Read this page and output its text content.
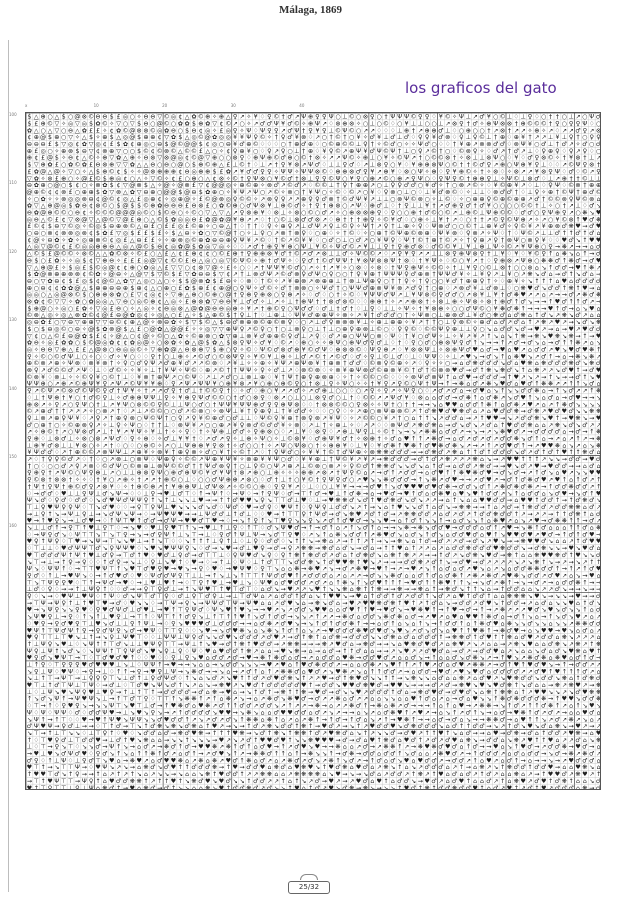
Málaga, 1869
los graficos del gato
x	10	20	30	40
100
110
120
130
140
150
160
$ △ ⊕ ○ △ $ ○ @ ⊗ © ⊖ ⊖ $ £ ◎ ○ ✧ ⊖ ⊖ ▽ © ◎ ¢ △ ✿ © ⊕ ✧ ⊕ △ ♀ ↗ ✧ ¥ ♢ ♀ © † ♂ ↗ Ψ ⊕ ♀ ♀ Ψ ○ ⊥ © ○ ⊗ ♀ ○ † Ψ Ψ Ψ © ♀ ♀ ♢ ¥ © ✧ Ψ ⊥ ↗ ♂ ¥ ○ © ⊥ ♢ ⊥ ♀ ♢ ○ † † ○ ⊥ ↗ ○ Ψ ♂
$ £ ⊕ © ▽ ✧ ◎ ▽ ◎ $ ✿ © ✧ ▽ ○ ▽ $ ⊖ ○ @ © ○ ✿ ✿ $ ⊕ ✿ ▽ ¢ © ↗ ○ ✧ ↗ ♂ ♂ Ψ ¥ ♂ © ✧ ⊕ Ψ ↗ ♢ ⊗ ⊕ ⊗ ✧ ○ ⊥ ○ © ♢ ○ ¥ ⊥ ⊥ ○ ○ ⊥ ↗ ⊗ ♀ † ♂ ✧ ⊕ Ψ ⊗ ⊗ † ⊕ © © © † ♀ ○ ♀ ♀ Ψ ♢ ○
✿ △ ○ △ ▽ ○ ⊖ △ ✿ £ £ ✧ ¢ ✿ © @ ⊗ ⊗ © ◎ ✿ ⊖ ○ $ ⊖ ¢ ◎ ✧ £ ◎ ♀ ✧ Ψ ♢ Ψ ♀ ♀ ↗ ♂ Ψ † ♀ ¥ ♀ ⊥ © Ψ © ○ ↗ ↗ ♢ ♢ ♢ ⊥ ⊕ † ↗ ⊕ ⊕ ♂ ⊥ ♢ ○ ⊕ ○ ○ † ↗ ⊗ † ↗ ↗ ✧ ⊕ ✧ ↗ ♢ ↗ ↗ ♂ ♀ ↗ ⊗
¢ ⊕ @ $ ⊕ ○ ▽ ✧ △ $ ✧ ⊕ $ △ ◎ @ $ ⊕ ⊕ ¢ ▽ ✿ $ △ ◎ © @ ✿ ◎ ◎ ¥ ¥ Ψ ♀ © ✧ † ♀ ♂ ¥ ⊗ ♢ ↗ ○ † © † ○ ¥ ✧ ♂ ¥ ⊥ ♂ ⊥ ♂ ♢ ♀ ♀ ¥ ♂ ⊗ ♢ ♀ ⊥ ♀ © ⊥ † ⊕ ♢ ⊕ ¥ † ↗ ↗ ⊥ ¥ ⊥ ♀ † ○ ♀ ♀
⊖ ⊖ ⊖ £ $ ▽ ◎ ¢ ✿ ▽ ◎ ¢ £ $ ✿ ¢ ⊕ ◎ ○ ⊖ $ @ © @ @ $ ¢ ◎ ○ ⊖ ¥ ♂ ⊕ © ♢ ♢ ♢ ○ † ⊕ ♂ ⊕ ♢ ○ © ⊕ © © ⊥ ♀ † ✧ © ♂ ○ ✧ ✧ Ψ ♂ ○ ♢ ♢ † ¥ ⊕ ↗ ⊗ ⊗ ♂ ♂ ♢ ⊗ Ψ ¥ ○ ♂ ⊥ † ♂ ↗ ✧ ♂ ○ ♂
⊕ £ ◎ ○ ✧ ⊕ ⊗ $ ⊖ ▽ ¢ ⊗ ⊕ ▽ ○ ○ $ © ¢ © ⊗ © △ © © £ △ ○ ✧ ¢ ♀ ⊕ ¥ ○ ♢ ♀ ↗ ♀ ○ ⊥ † ⊕ ♢ ¥ ♀ © ↗ ⊕ Ψ ¥ ♂ Ψ © Ψ † ⊥ ○ ♀ ↗ © † ○ ♢ © ⊗ ♀ ✧ ♢ ♂ ↗ † ♂ ↗ ⊥ ♢ ♀ ⊕ ♀ ♢ ♀ ↗ ♀ ♢ ○
⊕ ¢ £ @ $ ✧ ⊖ ¢ △ © ✧ ⊕ ▽ ✿ △ ⊕ ✧ ⊖ ⊗ ▽ ⊗ @ ◎ ¢ © @ ▽ ⊕ ○ ○ ⊗ ♀ ♢ ⊕ Ψ ⊕ © ♂ ⊕ ○ © † ⊗ ✧ ↗ ↗ Ψ © ✧ ⊕ ⊥ ○ ¥ ✧ © Ψ ↗ † ○ © © ⊗ † ✧ ⊗ ⊥ ⊥ ⊗ Ψ ○ ♢ ¥ ♢ ♂ ♀ ⊗ © ✧ † ¥ ⊗ † ⊥ ↗
$ ▽ ⊕ ✿ £ ○ ✿ © ✿ £ ⊖ ⊗ ⊕ ▽ ▽ ✿ △ △ ⊖ ○ ⊖ ○ @ ○ $ ⊕ © ⊕ △ £ ⊥ © † ♢ ⊥ ↗ † ♀ ¥ ⊗ ↗ Ψ ♂ ♢ ⊥ ⊥ ♀ ♂ ♢ ↗ ⊥ ⊗ ♀ ○ ¥ ♢ ¥ ⊕ ⊕ ⊗ Ψ ○ © † † © ♂ ♀ ↗ ⊕ ○ Ψ ⊕ ¥ ♀ ⊥ ♢ ♢ ↗ © Ψ ♀ ⊗ †
£ ✿ @ △ @ ✧ ▽ ○ ✧ △ $ ⊕ © ¢ $ ✧ ✧ @ ⊗ ⊕ ⊕ ⊕ ¢ ⊖ ◎ ⊕ ⊕ $ £ ✿ ↗ ¥ ♂ ♂ ♀ ♀ ✧ Ψ Ψ ✧ Ψ Ψ ⊗ © ♢ ⊕ ⊕ ⊗ ♂ ♀ ¥ ↗ ⊕ ¥ ♢ ⊗ ○ Ψ ✧ ⊕ ♢ ♀ ¥ ⊕ © ✧ † ✧ ⊗ ♢ ✧ ⊗ ↗ ↗ ¥ ⊗ ♀ Ψ ♢ ♂ ♢ © ↗ ♀
▽ ✿ ✧ ⊗ £ ⊕ ○ ✧ @ £ © $ ⊕ ◎ ¢ ○ △ ✧ ▽ © ✧ ¢ £ ○ ⊕ ○ △ ¢ ⊗ ✧ © † ♀ Ψ ⊗ ○ ¥ © ♂ † ⊗ ⊥ ♀ ♀ © Ψ ○ ¥ ♀ ○ ⊕ ↗ © ○ ⊕ ↗ ♀ Ψ ○ ♢ ♀ Ψ ♀ © † ⊕ ⊕ ♀ ⊥ ✧ Ψ © ⊥ ⊗ ♂ ♢ ⊥ ↗ ⊕ † † © ⊥ ⊥
⊖ ✿ ⊕ ○ @ ○ $ ¢ ○ ✧ ⊗ ✿ $ ¢ ▽ @ ⊗ $ △ ✧ @ ✧ @ ⊗ £ ▽ ¢ @ @ ◎ ✧ ⊕ © ⊕ ✧ ⊗ ♂ ↗ © ♂ ↗ ♢ © © ⊥ † ♀ † ⊕ ⊕ ↗ ○ ⊥ ♀ ♀ ♂ ♂ ○ ¥ ♂ ✧ † ○ ⊗ ↗ © ✧ ♢ ¥ © ⊕ ¥ ↗ ♢ ⊥ ♢ ♀ Ψ ♢ © ⊗ † ⊕ ⊕
@ ⊕ © ¢ ¢ ⊗ £ ○ ⊕ ⊕ $ ✿ ▽ ⊗ △ ✿ ▽ ⊖ ⊕ ○ @ @ $ @ ⊖ $ ✿ ⊕ ○ ✧ ¥ Ψ ↗ Ψ ○ ↗ © ✧ ⊗ ○ † ¥ Ψ ○ ✧ © ♢ © ↗ ○ ¥ ♢ ♀ ⊗ ○ ⊥ ○ ♢ ⊥ ¥ ♂ ⊗ © ♢ ✧ ⊥ ⊥ ♢ ⊗ ♂ ♂ † ♢ ⊥ ♀ ✧ ⊕ † © Ψ † ⊕ ♂
✧ ○ ✿ ✧ ✧ ⊗ ◎ ◎ ⊗ ⊖ ¢ @ © ¢ ◎ △ £ ◎ ⊕ ¢ ✧ ◎ ⊕ @ ✧ £ © @ ⊗ ◎ ♀ © © ✧ ↗ ⊗ ♀ ♀ ↗ ↗ ⊕ ♀ ♀ ♂ ⊗ † © ♂ Ψ ¥ ↗ ⊥ ⊥ ○ ⊗ Ψ © ⊗ ○ ✧ ⊥ © ♢ ✧ ○ ⊕ ⊕ ♀ © ⊕ © ⊕ ⊕ ↗ ♂ † © © ⊗ ♀ Ψ © ⊗ ⌂
✿ ▽ △ ⊕ @ ◎ $ ✿ ⊖ ¢ ⊗ © ○ $ @ $ $ © ⊕ ✿ ⊖ ⊖ ⊖ £ ⊖ ⊗ £ ○ ✿ © ⊕ ○ ♂ Ψ ⊗ ¥ ⊥ ⊕ © ♂ ✧ † ♀ † ⊕ ⊗ ○ ↗ Ψ ♢ ⊕ ♂ ⊥ ♢ † ♀ ⊥ ⊥ ¥ † ↗ ♂ ⊕ ♀ ♂ † ♂ ¥ ○ ○ ○ ○ © © † ⊥ ✧ ○ † ↗ ⊥ ♢ ♂ ↘
⊖ ✿ @ ⊕ © © ○ ⊖ ¢ ✧ © © © @ @ @ ◎ © ○ $ © ⊖ ○ ✧ © ○ ▽ △ ▽ △ ↗ ♀ ⊗ ⊕ ¥ ♢ ⊗ ⊥ ✧ ⊗ ○ © ○ ♂ ↗ ✧ ○ ⊕ ⊗ ⊗ ⊕ ♀ ♢ ♀ ○ ○ ⊕ † ♂ © ○ © ↗ ⊥ ⊕ © ⊥ Ψ ⊕ © © ♢ ♂ ♂ ○ ♀ Ψ ⊕ ♀ ↗ ○ ❋ ↘ ♥
◎ ⊖ △ © £ ¢ ▽ ⊗ @ ▽ △ @ © ▽ @ £ ⊕ ○ △ © $ ✿ ◎ ◎ ⊖ £ ✿ @ ✿ @ ¥ ⊕ ↗ ↗ ♢ † ○ © ⊥ ⊗ ♂ ♂ ⊗ ↗ ♢ ⊕ † † † ⊕ ♀ ✧ © ¥ ♂ ♢ ○ ⊕ ✧ ⊥ ¥ † ↗ ♢ ○ † † ↗ © ♀ © Ψ ⊕ ↗ ✧ ↗ ○ ¥ © ⊗ ↑ ♥ ♂ ❋
£ © ¢ $ ⊖ ▽ © ◎ ✧ © ◎ $ ⊖ ⊕ ⊗ © △ ⊖ £ ○ £ £ ◎ £ © ⊕ ✧ ○ ⊖ △ † ♢ † † ♢ ♀ ✧ ⊕ ♀ ↗ ⊥ ♂ Ψ ↗ ♀ ⊥ © ♀ ✧ Ψ † ↗ ♀ † ⊥ ⊕ ✧ ♀ ♢ Ψ ⊗ ♂ ○ ○ © † ⊥ ⊕ ¥ ♂ ✧ ♀ © ¥ ↗ ¥ ⊕ ⊗ ♂ ❋ ♥ → ♂ ♥
○ ⊖ ○ ⊗ ¢ ⊗ ⊗ ◎ ⊗ ¢ $ ✿ £ ▽ ◎ $ £ £ $ £ ✧ $ △ ⊖ ✧ ✿ ○ ▽ © @ † ○ ✧ ⊥ ♀ ○ ↗ ⊗ † ⊗ ♀ ♢ ○ ⊕ ♢ ✧ † © ♢ ✧ ○ ⊕ † © Ψ ⊕ © ⊗ ⊕ ♢ Ψ ¥ ⊗ ♢ ♀ ⊗ ↗ ✧ Ψ ♢ † ♢ Ψ © ↗ ⊥ ⊥ ♂ ↑ ↑ ♂ ↑ ♂ ⌂
¢ @ ✧ ⊖ ✿ ✧ ✿ ✧ ◎ ⊕ ⊗ © ¢ ◎ £ △ ⊖ £ £ ✧ ✧ ⊕ ⊗ ◎ © ⊕ ✿ ⊖ ⊖ ⊕ ♀ Ψ ¥ ↗ © ♢ † © ↗ © ¥ ¥ ♢ ○ ♂ ○ ⊥ ○ ♂ ↗ ○ ¥ Ψ ♀ ♢ Ψ † © † ⊕ † © ↗ ✧ † ♀ ⊕ ↗ ♀ † ⊗ Ψ ○ ⊗ ♀ ¥ ♢ ♢ ♥ ♂ ↘ ↑ ♥ ♥
△ ◎ ▽ @ © ¢ £ © ◎ ◎ ⊕ ⊕ ⊖ △ ◎ △ @ © $ ⊖ ¢ ◎ ✿ @ $ ✿ ◎ ▽ ◎ ✧ ♢ ♢ ↗ ♂ † ⊕ ♀ ¥ ⊕ ○ Ψ ⊥ ¥ © ✧ Ψ ♂ © ↗ ¥ ⊥ ⊥ ♀ † ♀ ⊕ ♂ ⊗ ♢ ♂ © © ¥ ⊥ ¥ ⊥ ⊕ ⊥ Ψ ✧ © ↗ ¥ Ψ ⊕ ○ ♀ → ❋ ↗ → → ⌂ ♂
△ © $ £ @ © © ✧ ⊗ © △ △ ✿ © ⊗ ✧ © £ ○ △ £ △ ¢ £ ⊕ ¢ ¢ ○ © £ ⊕ † ♀ ⊕ ⊕ ⊗ ¥ ♂ † © ↗ ♂ ↗ ⊗ ⊥ ⊥ ♂ ✧ Ψ © © ↗ ♢ ↗ ♀ ¥ ♀ ↗ ↗ ⊥ ⊥ ⊗ ♀ ⊕ Ψ ⊗ ♀ † ⊥ ¥ ♢ ¥ ♢ ¥ © ♀ ↑ ⌂ ❋ ↘ ⌂ ↑ → ♂
⊖ $ ○ £ ✿ ✧ ✧ ◎ $ ¢ ▽ ⊕ ⊖ ✧ £ £ £ ◎ @ ▽ ¢ © © £ ⊖ △ ◎ ○ ◎ ▽ © Ψ © ✧ ⊕ † ♂ Ψ ✧ ♢ ♀ ♂ † © ♂ Ψ Ψ † ¥ ⊗ Ψ ⊗ ⊗ Ψ † ⊗ ♢ † ¥ Ψ ✧ ♢ © ○ ¥ ↗ † ♢ ♀ ⊕ ⊗ ↗ Ψ ⊕ ○ ❋ ❋ ♂ ↑ ❋ ♂ → ♂ ♥
▽ △ ⊕ @ £ ✧ $ ◎ £ $ © ◎ @ ¢ ¢ ⊕ ○ ✿ ◎ △ £ ▽ ▽ ○ ¢ ⊗ ▽ @ ✧ £ ✧ ○ ♢ ↗ † Ψ Ψ ¥ © ♂ ○ ↗ ✧ † ↗ ¥ ✧ ○ ⊗ ♢ ✧ ⊗ ♢ † Ψ ♀ ⊕ Ψ ✧ © © ✧ † ⊥ ¥ ♀ ○ © ⊥ ⊗ † ○ ○ ⊗ ⌂ ↘ ↑ ♂ ♂ → ♥ ↑ ❋ ↗
$ ✿ @ ⊗ ⊕ ⊕ ⊗ ⊗ ¢ © ✿ ✧ @ ⊖ ✧ △ @ ▽ $ ▽ © $ £ ▽ ✿ ⊖ ⊖ $ ▽ ¢ ↗ † ⊥ ⊗ ♂ Ψ ↗ © ♂ ⊗ ♀ ♂ Ψ ○ ♀ ○ ○ † ♀ ¥ ⊕ † Ψ Ψ Ψ ♀ ♂ ⊕ ⊗ † Ψ Ψ ♂ ¥ ✧ ⊥ ¥ ♀ ↗ ⊥ ¥ ○ ↗ ❋ ↘ ♂ ⌂ → ♂ ↑ ↘ ♂ ⌂ →
⊖ ○ ▽ ✿ ⊖ ¢ $ £ ◎ $ ¢ @ © △ ✿ ▽ △ ◎ ○ △ ○ ✧ $ $ @ ⊗ ✿ $ £ ⊖ ✧ ♢ ⊗ ♢ † © ✧ ↗ ¥ ⊕ ⊗ ↗ ⊗ ⊕ ⊕ ⊥ † ⊗ ⊥ Ψ ⊕ ♀ ○ † † ♀ ✧ † ♀ ○ ○ ¥ ♂ † ⊕ ⊕ ♀ † ✧ ♢ ⊕ ¥ ✧ ↘ ↑ ↑ ↑ ⌂ ♥ ⌂ ♂ ♂ ♂ ♂
⊕ ○ ⊖ ¢ ¢ ✿ ✿ @ △ $ ⊕ ⊕ ⊖ ⊖ ⊕ $ ⊕ ¢ △ ○ ⊕ ○ £ ✿ $ ⊕ £ ¢ ⊕ @ ○ ♀ Ψ ✧ ♂ © ✧ ♂ † ⊗ ⊗ ○ ✧ Ψ ♂ † ○ Ψ Ψ ♂ ⊕ ⊗ Ψ ¥ ⊗ ↗ ♂ ♀ † ○ ⊕ ♢ ↗ ⊗ ♂ ¥ ⊥ ♂ ⊗ ⊥ ♢ ○ ❋ ♥ ♂ ↘ ♂ ♂ ↑ ❋ ↑ ♥ → ⌂
◎ ◎ ○ △ ◎ @ ⊗ © $ ○ ⊕ ⊕ ⊗ ✿ ○ £ ▽ ¢ ◎ ¢ ✧ ▽ ⊕ △ ⊕ ○ © ⊕ ○ @ † ♀ ⊕ ♀ ⊕ ⊗ ○ ♀ ⊕ ↗ ✧ ♢ ♂ ♢ ○ † ✧ © ♢ ¥ Ψ Ψ ♂ Ψ ↗ ⊥ ¥ Ψ ⊗ © ♀ ♂ ♂ ○ ↗ ⊗ ¥ ⊥ ¥ † ♂ ❋ ♥ ↗ ↗ ⌂ ↗ → → ♂ ↗ ❋ ♂ ❋
⊗ ✿ ¢ © ▽ ▽ ✧ ✿ ○ ✿ ◎ ◎ △ ▽ ⊖ ○ ◎ © ⊕ ¢ △ ◎ ✧ £ ⊕ ⊗ ✿ ▽ ⊖ ⊖ ¥ ⊥ ♂ ♂ ✧ ⊥ ↗ ✧ ⊥ † ⊕ Ψ † † ⊗ ♂ ⊗ © ♢ ♢ ⊕ ⊕ † ✧ ↗ ↗ ⊕ ⊗ † ✧ ⊗ ⊥ ⊕ ✧ Ψ ⊗ ✧ ⊗ † ⊕ ♂ ↑ ♂ ↘ → → ↑ ♥ ♂ ↑ ↑ ♂ ↗ →
$ ⊕ @ ○ ✧ ◎ ○ £ ✿ ✧ ▽ ◎ £ ⊖ ○ ✧ △ ◎ ✧ ¢ ⊖ ◎ ⊗ △ @ ✿ @ ⊖ ⊖ ◎ ⊕ ✧ ¥ ↗ † ⊕ © ♀ ○ Ψ ♂ ♂ ♢ ♂ ⊥ † ♂ † ♢ ⊥ ♀ ♢ ⊥ ⊥ ✧ Ψ ✧ † ¥ ⊗ ⊕ ✧ ○ ○ ♂ Ψ © ○ ¥ ❋ ♂ ❋ ↑ → → → ♥ ↑ ♂ → ⌂ ↘ ♥ ⌂
© ⊗ △ ◎ ✧ ◎ △ ⊗ ✿ © ¢ @ £ ⊖ @ ✿ ◎ ¢ ✧ ◎ △ ○ £ △ ✧ $ △ ⊕ © $ † ♀ ⊥ † ♢ ⊥ ⊕ ⊥ ♢ Ψ ¥ ♂ ⊕ ⊕ Ψ ✧ ⊗ ✧ ↗ ¥ † ♂ ♂ ♂ ○ † ✧ Ψ ⊗ ○ ⊥ ⊕ ⊗ ♂ ⊥ ¥ ♂ ○ ❋ ♂ ⌂ ♂ ❋ ⌂ ↑ ♂ ↘ ↗ ❋ ↘ ♂ ↗ ⌂ ⌂
◎ ⊖ ✿ £ ○ ▽ ⊖ ▽ ⊕ ⊕ ▽ ▽ ⊖ © ¢ ⊕ △ @ ✧ ⊗ ⊖ ✿ ✧ $ ▽ $ © △ $ ⊖ ♂ ⊗ ⊕ ⊗ © ⊕ © ⊗ ♀ ♢ ○ ↗ ⊥ ♂ ♀ ⊗ ⊗ ⊗ ¥ ⊥ ✧ ⊕ ⊥ ⊕ ⊕ ✧ ¥ ↗ † † ○ ⊥ ♀ ⊗ © ✧ ⊕ ♂ ⌂ ♂ ↗ ♂ ⌂ ↑ ↗ ❋ ↗ ♥ ↗ → ↘ ♂ ↘ ❋
$ ○ $ ⊖ ◎ © ○ ⊖ ✧ @ $ ✿ ⊗ @ $ △ £ ○ @ ✿ △ @ @ £ ✧ ✧ ◎ ▽ ▽ ⊕ Ψ ♀ ↗ © ♀ ○ † ○ ⊥ ⊗ ♀ ○ ⊥ † ⊥ ○ ⊕ ♀ ⊕ ⊗ ⊥ © ○ ♢ ♀ ♀ © ♢ © © Ψ ♀ ⊕ ⊥ ⊥ ♀ ○ ↘ ⌂ ♂ ♂ ↘ ♂ → ♥ ↗ → ⌂ → ♥ ↗ ♥ ♂ ♂
▽ ¢ ○ △ © £ ⊖ @ ✿ $ £ ¢ ✧ @ △ ○ ¢ @ ✧ © ○ △ ✿ ✧ © ⊕ ⊗ ○ ✿ ▽ ⊕ ⊥ ⊗ ¥ ♂ ⊕ ⊕ © ♀ ♂ ⊥ ↗ ♀ ♢ ♂ ↗ ⊕ ○ Ψ Ψ ○ ⊗ ♢ Ψ ♢ † ¥ ○ ♂ Ψ ✧ ⊥ ✧ ¥ ↗ ¥ ↗ ↑ ↘ ⌂ ↘ ↑ ❋ → ❋ ↘ ♥ ❋ ↘ ❋ → ↑ → ♥
✿ ⊖ ✧ ◎ £ ✿ ✿ ○ $ © @ ◎ ✿ ¢ ¢ ✿ ◎ @ ✧ ○ ⊗ ✿ ✧ ✿ △ @ $ ✿ △ $ ⊗ ♀ Ψ ✧ ♂ ¥ ♢ © ↗ ♢ ⊕ ○ ✧ ✧ ⊕ Ψ ○ ⊕ Ψ ♂ ♀ ♂ ⊥ ♢ † ♢ ♀ ○ ♂ ○ ⊕ ⊗ Ψ ♀ ♂ ↑ ↘ → → ↑ ↗ ♂ → ♂ ↘ ⌂ → ♂ ↑ ↑ ❋ ↗ ⌂ ↘
◎ ✧ ⊖ ⊖ ▽ ⊕ △ £ £ △ @ ⊗ ○ ⊖ ◎ ◎ © ✧ ▽ ⊕ ✿ @ △ ⊖ ⊗ ⊕ ▽ $ ⊕ ○ ♀ ✧ © ♢ Ψ © ♂ ⊗ ♂ ⊕ ¥ © ♂ Ψ ♢ ⊕ ⊗ ⊗ © ♢ Ψ ♀ ⊕ ↗ ♢ ¥ ⊗ ⊗ Ψ ⊥ ✧ ⊗ ⊕ Ψ ♂ ♥ ⌂ ♂ → ♥ ⌂ ♥ ↗ ⌂ ♂ ♂ ↗ ♥ ↘ ♥ ♂ ♥ ❋ ↑
♀ ✧ © ○ © ♂ Ψ ⊥ ○ ✧ ○ ♢ ♂ ✧ ¥ ○ ♢ ♢ ♀ † ○ ⊥ ⊕ ✧ ↗ © ♂ ○ © ⊗ Ψ ♀ ✧ ¥ © ¥ ⊥ ⊕ ✧ ⊥ ♂ ↗ © † ↗ © ♂ ♢ ♂ ✧ ♀ ⊥ © ⊥ ♂ ♢ ⊥ ♢ Ψ Ψ ♢ ✧ ⊥ ↗ ♥ ↘ → ♂ ↘ ↑ ⌂ ❋ ♥ ↘ ↗ ♂ ↑ → ⌂ → ❋ ↘ ❋ ↗
⊕ © ⊗ ↗ ⊕ ✧ Ψ ⊗ ♢ ⊗ ¥ ⊗ † ✧ ♀ ○ ♂ ♀ Ψ ↗ ♂ ⊕ ¥ ♂ ↗ ↗ © ⊗ ♢ ↗ ¥ ⊥ ✧ ✧ ⊕ ✧ ¥ Ψ ↗ ⊕ Ψ ⊗ ¥ † ⊕ ⊗ † ♂ ♂ ♢ © ⊗ ♀ © ⊕ ✧ ↗ ♢ ♀ ✧ ✧ ○ → ⌂ ♂ ❋ ♂ ♂ ♂ ↘ ♂ ⌂ ♥ ❋ ⌂ ❋ ♂ ♂ ♂ ❋ ♂ ↘ ❋ ♂
⊗ ♀ ↗ ♂ © © ♂ ↗ Ψ ♢ ⊥ ♢ ♂ © ✧ ✧ ¥ ✧ ⊥ † ¥ Ψ ✧ Ψ © ♢ ⊕ ↗ © † † Ψ Ψ ✧ ♀ ✧ ♂ ⊥ ↗ ♢ ⊗ © ⊗ ♢ ✧ ⊗ ¥ ⊕ Ψ ⊗ ♂ © ⊕ ⊗ ¥ © † ♂ † © ⊗ ⊗ ♥ ♂ → ♂ ↑ ❋ ↘ ❋ ♂ ↘ ↑ ⌂ ❋ ↗ ↗ ↘ ♂ ♥ ↑ → ♂ ♥
© ⊗ ¥ ♢ ⊗ ⊥ ✧ ✧ © ♀ ¥ ○ © † ⊥ ♢ ¥ ⊗ † ⊕ Ψ ↗ ○ © Ψ ♢ ↗ ⊥ ↗ ♂ ○ ⊥ ⊗ ⊥ ⊕ ♢ ¥ † Ψ † ⊕ ♀ ⊕ ⊗ ⊕ ♢ ✧ † ✧ © © ○ © ♢ ♢ ✧ ⊗ Ψ ♂ ⊗ Ψ ↑ ⌂ ♂ ♥ → ♂ ♂ ♂ → ↑ ♥ ↗ ↘ ↗ → ↑ ↘ → → ♂ ↑ ↘ ♥
Ψ Ψ ⊕ ○ ↗ ⊕ ↗ © ⊕ Ψ ¥ ♀ ↗ Ψ ↗ © Ψ ¥ ¥ ⊕ ♢ ♀ ↗ Ψ ↗ Ψ Ψ ¥ ○ ⊕ ¥ ⊗ ↗ ¥ ○ ⊕ ○ ⊕ © ♀ ○ † ⊗ ⊥ ♀ ✧ Ψ ○ ✧ ✧ † ¥ ♀ ↗ ♀ © ○ Ψ † Ψ → ↑ → ❋ ⌂ ♂ ↗ ❋ ↘ ♥ ♂ ⌂ ♥ ♂ ↑ ❋ ❋ ↗ ↗ ↑ ↑ ↘ ♂ ⌂
♀ ↗ © Ψ ↗ © ⊗ ♂ © Ψ © ♀ ♂ † Ψ ¥ ✧ † ↗ ↗ ♂ ♀ † ♂ ⊥ † © © ♀ † ♢ ✧ ♂ ♢ ⊕ ○ ¥ ↗ ↗ ♂ ✧ ↗ ♂ ⊕ ⊥ ○ ○ ♢ ○ ↗ ♀ ✧ ♀ ↗ ✧ Ψ ♀ ○ ♢ ↗ ♂ ↗ ♂ ⌂ → ♂ ♥ ⌂ ↘ ↑ ↘ ↘ ♂ ♂ ❋ ⌂ → ↑ ↘ ♂ ↗ ↗ ↑ ❋
♢ ⊥ † Ψ ⊕ † ¥ ○ † ♂ © ♀ ⊥ ✧ ♂ ⊕ ⊕ Ψ Ψ ⊥ ♀ ✧ ¥ ⊕ ♀ Ψ ♂ © © ○ † ♂ ○ ⊗ ♀ ♢ ⊗ ↗ ○ ⊥ ○ ⊥ ⊗ ♀ ♂ ○ ⊥ † ♢ © © ↗ ↗ Ψ ♂ ¥ ♢ ⊗ ⌂ ⌂ ♂ ♂ → ♂ ❋ ↑ ⌂ ♂ ❋ ↗ ↘ ♂ ♥ ↑ ↘ ⌂ ♂ ⌂ → ♂ ♥ → → ↘
⊕ ⊗ ↗ ✧ ♀ ↗ ○ ♀ Ψ ○ † ⊥ ↗ ¥ Ψ ○ ⊗ © © ♀ © ⊥ ⊥ Ψ ○ ♂ ○ † Ψ Ψ ¥ Ψ Ψ ⊕ ♂ ♀ ♀ ⊕ Ψ ⊗ ♢ ♢ † ⊗ ⊗ © © ○ ♀ ⊗ ✧ ✧ Ψ † ○ † † → → ↘ ⌂ ♥ ♥ ⌂ ♂ ♂ ↑ ❋ ↑ ⌂ ♂ ❋ ↗ ♥ ↗ ⌂ ↗ ↑ ❋ ♂ ↘ ↘ ↘ ↘
© ↗ ⊕ ♂ † † ↗ ↗ ↗ ✧ ○ ⊗ ↗ † ♢ ↗ ⊥ ↗ © © ○ ○ ♂ ↗ © ⊗ ○ ✧ ⊗ Ψ ⊥ ¥ † ♀ ⊕ ♀ ⊥ † ¥ ♂ ♂ ✧ ♢ ♢ ○ ♀ ♢ ✧ ↗ ⊕ ○ ⊗ Ψ ⊕ ⊗ © ↗ ↑ ♂ ❋ ♥ ♂ ♥ ❋ ♂ ⌂ ↗ ⌂ ♥ ♂ ♂ ❋ → ♂ ❋ ↗ ♥ ♂ ♥ ♂ ↘ ↘ ❋ ❋
♀ ⊥ ⊗ ↗ ⊕ ♀ Ψ ¥ ♢ ↗ ♀ ↗ † ⊕ ♀ ⊗ ○ Ψ © Ψ † ○ ♀ ↗ ♀ ¥ © ⊕ ♂ ○ ♂ ⊥ ⊥ ♢ Ψ © ♀ ¥ ⊕ † ⊗ ♀ ⊗ ↗ ¥ Ψ ♢ ✧ ↗ © © ○ ¥ ↗ † ○ ⌂ ↑ ↑ ↘ ↗ ♂ ♂ ⌂ → ↗ ↑ ♥ ♥ → ↘ ↗ ♂ ♂ ❋ ↘ ♥ ↑ → ♥ ❋ ↘ → ♥
♂ ○ ⊕ † ○ ✧ © ⊕ ⊗ ♀ ↗ ✧ ⊥ ♀ ✧ Ψ ○ ♢ † † ⊥ ♢ ⊗ Ψ ¥ ↗ ○ ○ ⊕ ↗ ¥ ♀ ⊗ ♂ © ♂ ♂ ¥ ✧ ⊗ ♢ ↗ ⊥ † ✧ ⊕ ⊥ ✧ ♢ ↗ ↗ ♢ ♢ ⊗ Ψ ♂ ↗ ❋ ♂ ❋ ⌂ → ♂ ↘ ♂ ↘ ↗ ♂ ⌂ ↑ ♥ ♂ ♂ ❋ ⌂ ⌂ ↗ ❋ ↘ ♂ ↘ ♂ ↗ ↗
↗ ✧ ⊕ © † ↗ ○ Ψ ⊗ ♂ ↗ ⊥ † ¥ ↗ ¥ Ψ ✧ ¥ ⊥ † ✧ ✧ ♀ ♢ † ✧ Ψ ⊕ ⊥ ♂ ♂ ✧ ♀ ⊕ ⊗ ○ ♢ ↗ ⊥ ¥ ♢ ⊗ ♀ ♢ ↗ ⊕ ⊥ Ψ ♀ ⊥ ✧ © † ↘ → ↘ ↗ ❋ ❋ ⌂ ♂ ♂ ↗ → ↘ → ↗ ↘ ❋ ♥ ♂ ↗ → ♂ ♂ ♂ ♂ ⌂ → ♂ → ↑ ❋
♀ ⊕ ♢ ⊥ ⊗ ♂ ⊥ ✧ ⊗ ○ ⊗ ↗ Ψ ♂ ♢ ♀ ✧ ⊕ ♢ ✧ ♂ ⊥ ¥ ¥ † ♢ ↗ ♂ ↗ ♀ ✧ ⊥ ⊕ ✧ Ψ ○ ✧ ⊥ © ⊗ ¥ ♢ ♂ ⊕ Ψ ¥ ♂ † ✧ ⊗ ⊕ † ✧ ♂ ⌂ ♥ ↑ ↑ ↗ ❋ ♂ → ⌂ ♂ ↗ ♂ ↗ ♂ ↗ ♂ ♂ ❋ ↘ ♂ ↑ ⌂ → ↗ ⌂ ↗ ↑ ↗ → ❋
⊥ ⊕ ¥ ♂ ⊗ ⊥ ⊥ ¥ ⊗ ○ ✧ ↗ † ♢ ○ ♢ ○ ⊕ © ✧ ↗ ○ ⊥ Ψ ⊕ ⊕ ¥ ♀ ⊗ † ✧ ♂ ○ ○ † ✧ ↗ Ψ ○ Ψ ⊗ ○ † ✧ ⊕ ⊕ ¥ ♢ ⊥ ¥ ♢ ¥ ♂ ❋ ↑ ♥ ❋ ↑ ♂ ♥ ❋ ♂ ❋ ↘ ↗ → ↗ ↑ ↗ ♂ ♥ ♂ ↑ → ↗ ♥ ♥ ❋ ⌂ ↘ ↗ ⌂ ↘ ❋
¥ Ψ ♂ ♂ ♢ ↗ † ⊕ © © ↗ ⊗ Ψ Ψ ⊥ ↗ ⊕ ¥ ✧ ⊗ ¥ † ⊕ ♀ ⊗ ✧ ♂ ○ ¥ † ✧ © † ↗ ♢ † ♀ Ψ ♂ ○ ✧ ¥ ¥ † © † ♂ Ψ ⊕ ✧ ⊗ ❋ ❋ ♂ ♂ ♂ → → ♂ ❋ ♂ ↗ ❋ ⌂ ↑ ↑ ♂ ↑ ♂ ♂ ♂ ↘ ♂ ↗ ♂ ↑ ♂ ↑ ♥ ↑ ↑ ❋ ♂ ⌂
↗ ♢ † ♀ ♀ © ♂ ↗ ♢ † ♢ ○ ↗ ⊗ ⊥ ○ ⊗ Ψ ♢ Ψ ⊕ ♀ ✧ © © ↗ Ψ ⊕ ¥ Ψ ¥ ✧ ⊗ ⊕ ¥ ¥ Ψ ○ ♂ ♢ ¥ ¥ ⊕ ⊥ † Ψ © ¥ ↗ ¥ ↗ → ❋ ♂ ♂ ♂ → ♂ ↑ ♂ ↗ ❋ ↗ ↗ ↗ ❋ ⌂ ↘ → ↗ ♥ ♥ ↑ ↑ ↑ ↗ ↘ ↘ → ♂ ♂ → ♥ ♂
† ○ ♢ ○ ○ ♂ ↗ ♀ ↗ ⊗ ♢ © ♂ Ψ ○ © ⊗ ⊕ ⊥ ⊗ Ψ © © ♂ † † Ψ ♂ ⊗ ♀ † ○ ⊥ ♀ © ○ Ψ ↗ ⊕ ↗ ⊥ © ⊗ ○ ⊗ ↗ ✧ ♀ © ♂ ↑ ❋ ❋ ♂ ↘ ↘ ♂ ↘ ⌂ ↑ ♂ → ⌂ ♂ ♂ ↗ ❋ ♂ → → ♥ ↘ ♂ ↗ ♥ → ♥ ♂ ♂ → → ⌂ ♂ ⌂
♀ ⊕ ♀ † ↗ Ψ © ○ Ψ ♀ ⊕ ⊥ ↗ ○ ⊥ ⊥ ⊕ ⊗ ♀ Ψ ○ ⊕ ♂ ⊕ Ψ © ¥ ♂ ¥ Ψ † ⊗ ↗ ⊕ ○ ⊥ ⊕ ✧ ✧ ✧ ⊕ ⊕ ↗ ⊗ ↗ † Ψ ♀ © ⌂ ↗ → ♂ ↑ ↗ ♂ ♂ → ⌂ ♂ ♥ ↑ ↑ ❋ ♥ ❋ ♂ ♥ → ♂ ↘ ♂ → ↗ ↑ ♂ ↘ ⌂ ♥ ↗ ↘ ↘ ♥ ♥
♀ © ⊗ † ⊗ ⊗ † ✧ ✧ ♢ † ¥ ○ ↗ ⊕ ✧ † ↗ ↗ † ⊕ © ○ ⊥ ♢ ○ ○ ♂ Ψ ⊕ ⊕ ↗ ⊗ ○ ♢ ♂ † ⊥ † ○ ¥ © † ♀ Ψ ♀ ♂ ○ ↗ ♥ ↘ ↘ ❋ ♂ ♂ ♂ → ↑ ↘ ❋ ↗ ♂ ♥ → → ↗ ♂ ♥ ↗ → ♂ ↑ ♂ ❋ ♂ ♥ ↗ ♥ ↑ ⌂ ↑ ♂ ↗ ↑
† Ψ † ♀ Ψ † ⊕ © ♂ ♀ ↗ ⊗ ¥ ♢ ✧ † ⊕ © ⊕ ↗ † ¥ ⊕ ⊕ Ψ ⊥ ♂ Ψ ⊗ ↗ ✧ © © ○ ⊕ ♢ ♀ ♀ ¥ ↗ ♢ ⊥ ♢ ○ ⊥ ¥ ¥ → → → ♂ ♥ ↑ ↘ ♂ ♥ ♥ ♥ ♂ ♥ ♂ ❋ → ♂ ♂ ↘ ♂ ↑ ↗ ❋ ♂ ❋ ♂ ❋ ↗ → ↑ ♂ ♂ ❋ ♂ ♂ ↗ ↑
♢ → ♂ ♂ ♢ ♥ ⊥ ⊥ ♀ Ψ ⊥ ♂ ↘ Ψ → ♢ ♢ ⊥ ♀ → ♥ ⊥ ♂ ⊤ ♢ ↑ → Ψ ↑ ♢ → Ψ ♢ → ↑ ♀ Ψ ♢ ♂ → ⊤ ↑ ♂ → ♥ ⊥ ↑ ♂ ❋ → ⌂ → ♥ ♂ → ♥ ↑ ♂ ⌂ ♂ ❋ ♥ ⌂ ♥ ↘ ♥ ↑ ♂ ♂ ↗ ↘ ↑ ⌂ ♂ ♂ ⌂ ↘ ♂ ♥ → ↘ ♂ ↑ ♥
Ψ ↘ ♂ ♢ ♀ ♂ ♢ ♂ ♂ ♢ ↘ ♂ ♥ Ψ ♂ Ψ Ψ ♀ ↑ ↘ ↑ ⊥ ↘ ↘ ⊥ ♥ → → ↑ ↑ ♂ ♥ ♥ ↘ ♀ ↘ ⊤ ⊤ ♂ ⊥ ♥ ♢ ⊥ → ♥ ❋ ❋ ♂ ↘ ♂ ↑ ♥ ♂ ❋ ♂ ↘ ♂ ↘ ↗ ↗ → ⌂ ↑ ↘ ⌂ ⌂ ♥ ♥ ♂ ♂ → ⌂ ♥ ♥ ↑ ♂ ♂ ↑ → ↑ ♂ ❋ ♂ ↘
⊤ ⊥ ♀ ♥ Ψ ♀ ♀ Ψ ♢ ⊤ ↘ ♂ ♥ ♢ ♢ → ♀ ⊤ ♀ Ψ ⊥ ♥ ↘ ↘ ↘ ♂ ↘ ♂ ♢ Ψ ♂ ♢ ♥ → ♂ ♀ ♢ ♥ Ψ ↑ ♢ ♀ Ψ ♀ ⊥ ♂ ♂ ↘ ↗ ↑ → ↘ ⌂ ↑ ♥ ↘ ↘ ♂ ↑ ⌂ ♂ ↘ → ❋ ❋ → → ↑ ⌂ ↗ ♂ → ↑ ❋ ♂ ♂ ↗ ♂ ♂ ❋ ❋ ⌂ ♂ ↗
→ ⊥ ♀ ↑ ↘ → Ψ ⊥ ♀ ⊥ → ↘ ♂ Ψ ↘ Ψ → ♢ → Ψ ♥ Ψ ♥ → → ⊥ Ψ ♂ ♂ ⊥ ↑ ♂ ⊥ ♢ ♢ ♥ → ↑ ⊤ ⊤ ♀ ↑ Ψ ♂ → ♂ ↘ ❋ ♥ ↗ ♂ ↑ ♂ → ↗ ❋ ❋ ♂ ♂ ↗ ⌂ ♂ ↗ ♂ ↗ ↑ ♂ ♂ ❋ ♂ ♂ ↑ ↗ → ↗ ↗ → ↑ ↑ ♂ ❋ ↑ ⌂ ♂
♥ → ↑ ♥ ♀ ↘ → ⊥ ♂ ♥ → ♢ ↑ Ψ ⊤ ♥ ↑ ♂ ♂ → ♂ Ψ → ♥ ♥ ♂ ⊤ ♥ → ♢ → ↘ ↑ ♀ ↑ ↘ ⊤ ♥ ♀ ↘ ↘ ♀ ↘ ↗ ♂ ↑ ♂ ♥ ♂ → ↘ ↘ ♥ → ⌂ ↑ ♂ ↑ ↘ ↘ ↑ → ⌂ ♂ ↘ ↘ ↑ ⌂ ❋ ♥ ↗ ⌂ ↘ ↗ ♥ → ♂ ❋ ❋ ↑ ↑ → ♂ ↗
↘ ⊥ ⊥ ♂ ↑ → ♀ ⊤ ↑ ♥ ⊥ ♀ ⊤ ♢ → ↘ ♥ ♢ ♥ ⊥ ♀ ♥ ⊤ ↑ ↘ → ♥ ⊥ ↑ ⊥ ♀ ♢ ↑ ⊤ ♢ ♂ ↘ Ψ ♥ ♂ → ↑ → ♂ ↑ ⌂ ↗ ↑ ↘ ♂ ↑ ⌂ → → ↘ ❋ → ❋ ↘ ♂ ♂ ♥ → ♂ ♂ ♂ ⌂ ♂ ↑ ↗ ♥ → ↘ ❋ ↑ ♂ ⌂ ⌂ ⌂ ↑ ↑ ♂ ⌂ ❋
♢ → Ψ ♀ ♂ ↘ ♢ Ψ ⊤ ⊤ ↘ ⊤ ↘ ⊤ ♀ → ↘ → ♂ ♀ Ψ ↑ ⊥ ↘ ⊤ → ⊥ ♢ ♀ ♂ ↑ Ψ ⊥ Ψ → ↘ ♂ ⊤ ♀ ♥ ♢ ↗ ↘ ↑ ⌂ ❋ ↘ ♂ ♂ ↑ ↗ ❋ ♥ ♂ ↘ ⌂ ♂ ↘ ↑ ♂ ↘ ⌂ ♂ ♂ ♥ ♂ ⌂ ♥ ↑ ↘ ♥ ♥ ♂ ♥ ↗ ♥ ♂ → ↑ ♂ ↑ ♂ ♥ →
♥ ♀ ↑ Ψ ♀ ♢ ⊤ ♥ → ↘ Ψ → ⊤ ↘ ↘ ♥ ⊥ → ↑ ↘ ⊤ ♢ ♢ ↘ ↑ ↑ ↑ ⊥ ♀ ↑ ⊥ ♢ ⊥ ♀ ♢ ♂ ♂ ♢ ↘ ↑ ↑ ↘ → ❋ ⌂ ↗ → ↑ ↑ ↗ ↑ → ↘ → ❋ ↘ ⌂ ↑ ♂ → ♂ ↗ ↗ ♂ → ♂ ↘ ↗ ♥ ↘ → → ❋ ♥ ♥ ♂ ↘ ⌂ ⌂ ↗ ↑ ♂ ♥ ♥
♢ ⊤ ⊥ ⊥ ♢ ♥ ♂ Ψ Ψ ⊤ ♂ ↘ ♀ Ψ Ψ ♥ ♢ ↘ ♥ ↘ ♥ Ψ Ψ ♀ ↘ ♢ ♂ → ↘ ♥ → ♂ ⊥ ♥ ♀ → ♂ → ♀ ↗ ❋ ❋ → ❋ ♂ ⌂ ♂ ↘ → ♂ ⌂ → ↑ ↑ ♥ ⌂ ↑ ↗ ↗ ⌂ ↗ ⌂ ♂ ♂ ❋ ♂ ♂ ♂ ♥ ❋ ♂ ♂ ↘ → ♂ ❋ ↘ ↘ → ♥ ↘ ♥ ♂ ⌂
♥ ⊤ ♂ ♂ ♂ Ψ ↑ Ψ ↑ ♥ ⊥ ♂ ♀ → ⊤ ♂ ↑ ♥ ♢ ♥ ♂ ⊥ ♀ ♂ → ♂ ⊤ ⊤ ⊥ ♢ ♀ Ψ ♥ ♂ ↘ ♀ ♢ ♀ ↑ ❋ ↑ ❋ ♂ ♂ ↗ ♂ ⌂ ↑ ♂ ❋ ♂ ↘ ⌂ ❋ ↑ ❋ ↗ ↗ → → ↑ ♂ ↗ ↘ ♂ ❋ ↘ ♥ ♂ → ❋ ↑ ⌂ ⌂ ❋ ♥ ♥ ❋ ♂ ↑ ♥ ↘ ↘ ♂
↘ ⊤ → ⊥ → ↑ ♀ → ♀ ♢ ♢ ↑ ♂ ♀ → ↘ ⊥ ♢ ♀ ⊥ ↘ ♥ ↑ ♢ ♥ → ♢ → ↑ ⊥ ♢ Ψ ♢ ⊥ ↑ ♂ ⊤ ⊤ ↘ ♂ ♂ ❋ ↘ ↑ ♂ ♥ ♥ ❋ ↑ ♥ ↘ ↗ → → → ♂ ♂ ❋ ↗ ♂ ↑ ↘ → ♂ ♥ → ♂ ↗ ↗ ↗ ↗ ↘ ↗ ↘ ❋ ↑ ↘ → ↗ → ↘ ↗ ↑ ↑
Ψ ↘ ♢ Ψ Ψ ↑ ♢ → ⊤ ⊤ ♥ Ψ ⊤ ↑ ↘ ♥ ⊤ ♂ ♥ ♀ ♥ → ♥ ↘ → ♀ ♢ ♥ ♢ → ♥ Ψ ♥ ♢ ♀ ⊤ ↘ ⌂ ⌂ ❋ → ❋ ♥ ↗ ↘ → ♂ ↗ ❋ ♥ → ♥ ↑ → ↗ → ♥ ↗ ↘ ↑ ⌂ ♂ ⌂ ♂ ↗ ♥ ↘ ⌂ ↗ ↘ ⌂ ♂ ♂ ❋ ❋ ♂ ♂ ↑ → ↑ ↗ ↑ ♂ ♥
♀ ♂ ♢ ↑ ⊥ → ♥ Ψ ↘ ♢ → ↑ ♂ ♥ ♂ ♢ ♥ ♢ Ψ ♂ ♂ Ψ ♀ ⊤ ⊥ ⊥ → ↑ ↘ ⊥ ↘ ↑ ⊤ ⊤ ↑ Ψ ♂ ♂ ♥ ↑ ↗ ♂ ♂ ♂ ⌂ ↗ ⌂ ↗ ↗ → ♂ ↘ ↘ ❋ ♂ ⌂ ⌂ ♂ ↑ ♂ ⌂ ♂ ❋ ↑ ↗ ❋ ↗ ❋ ♂ ↗ ♥ ❋ ↘ ♂ ♂ ↗ ♂ ♥ ↗ ⌂ ↘ → ♥ ⌂
⊤ ↘ ⊤ Ψ ♀ ♀ ♥ ♢ ⊤ ↑ → Ψ ♂ → ♥ ♢ → ⊥ ♥ ⊥ ♥ ↑ → ♢ ⊤ ♀ ↑ ♥ ⊥ → ♥ ⊥ ↘ ♢ Ψ ♥ ⌂ ♂ ♥ ♂ ♂ ↗ ♂ ↗ ⌂ ↑ ❋ ↘ ↑ ↘ ♂ ♥ ↑ ↑ ↑ → ♥ ♂ ↑ ↑ ❋ ♥ ↑ ↑ ↘ → ↘ ♂ ↗ ❋ ↑ → ↘ → ♂ ↗ → ⌂ ♂ ♂ ❋ ↑ → →
⊥ ♂ ♢ ♀ ♢ → → ↑ ⊥ Ψ ♀ ↑ ♢ ♢ ♂ → → ♀ ⊤ ♀ ♂ ⊥ → ↑ ↘ Ψ ♥ ⊤ ↑ ♥ ⊤ ♂ ⊤ ♢ ⌂ ♂ ↘ → ♥ ↗ ↗ ↘ ♥ ↑ ↘ ↘ ❋ ⌂ ❋ ↑ ↑ ❋ → → ❋ → → ❋ ⌂ ↑ → ❋ ♂ ↘ ↑ ↑ ↘ ⌂ → ↑ ♂ ♂ ⌂ ⌂ ↘ ↗ ↗ ♂ ↘ → → ↘ → →
♀ ♢ ↘ → ♢ ♥ Ψ ⊥ ♥ Ψ ♢ ↑ Ψ ♢ ♂ ↘ Ψ ⊤ ♂ ⊤ ♀ ♢ ♂ ⊥ ♀ ⊤ ♂ ♀ ⊥ → ⊥ ⊤ ♂ Ψ ⌂ ↗ ⌂ ♂ ♂ ↑ ♂ ⌂ ↘ ↑ ♥ ♥ ↘ → ♥ ⌂ ↑ ♂ ♂ ↑ ♂ ↗ ♂ ♂ ↑ ↘ ♂ ↗ ⌂ ♥ ↑ ♂ ♂ ↑ ⌂ ⌂ ❋ ❋ ❋ ↘ ♥ ↘ → ↘ ↘ → ♥ → → ♂
→ ⊤ Ψ → Ψ ♀ ↑ ⊥ ↑ ♥ ⊤ ♥ → ♂ ♢ ♥ ↘ ↘ ♢ → ⊤ Ψ → ♀ ↘ → Ψ Ψ ♂ ⊤ Ψ → Ψ ♥ ⌂ ⌂ ↗ ♂ ♥ ↘ ⌂ → ❋ ↘ ♂ ⌂ → ♥ ↗ ♥ ♥ ❋ ♂ ❋ ↑ ♥ ↑ ↗ ↑ ♂ ⌂ ↘ → ♂ ♂ ↗ ♂ ♥ ↘ ↑ ♂ ♂ → ↗ ⌂ ♂ ⌂ ↘ ↘ ♥ ⌂ ↑ ♂ ↘
♥ → ↘ Ψ ♀ ↘ ↘ ♀ ♥ ♢ ♀ ♥ ♂ Ψ ♂ ⊥ ♂ ♥ ⊥ → ♥ ↑ ⊤ ♀ Ψ ♂ ♢ Ψ ↘ ♥ ↑ ♥ ↘ → → ♥ ↗ ↘ ↗ ♂ ♂ ↘ ♥ ♥ ⌂ ⌂ ♂ ♥ ↑ ↑ ♥ → ♥ ♂ ↘ → ♥ ❋ ♥ ↑ → ↑ ♥ → ♂ → ↑ → ↗ ❋ ↗ ↗ ↗ ♥ ♂ ↘ ♥ ↘ ♂ ↘ ↘ ↑ ⌂ ♂
↘ Ψ ♥ ♀ ⊥ → ♀ ♢ ↑ ↘ ↑ ⊥ ♥ ♀ ⊥ → ⊤ ↑ ♢ Ψ ⊤ ↑ ↑ ♂ ♀ ↘ ⊥ ↑ ⊤ ↑ ↑ ♥ ↑ ↘ ♂ ↑ ♂ ♂ → ↘ ↘ ↗ ↑ ↗ ↗ → ❋ ♂ ⌂ ♂ ♂ ↘ ❋ ♂ ❋ ⌂ ♂ → ↗ ♥ ↗ ⌂ ♥ ⌂ ♥ ♥ ↑ ❋ ♂ ⌂ → ♂ ↑ ↘ ⌂ → ↑ ↘ ♂ ↘ ♥ ↗ ⌂ ↗
♢ ♥ ♀ → ♀ ♂ ♥ ♀ ⊤ ⊥ ♥ ↘ ♂ ⊥ ⊥ ♀ ↑ Ψ ⊥ → ♢ ♀ ↘ ♥ ♥ ♥ ♂ ⊥ ♂ ♂ ♂ → → ⌂ ♂ ❋ ↗ ♂ ♥ ↘ → ↘ ↑ ♂ ↑ ♂ ♂ ❋ ↑ → → ⌂ ♂ ↑ ⌂ ↘ ⌂ ↑ ↘ → ↑ ♂ ♂ ↑ ⌂ ↑ ❋ ♂ ♥ ⌂ ❋ ↘ ↘ ♂ ↘ ↘ ⌂ ↘ ↘ ↗ ❋ ❋ ♂ ♂
♥ Ψ ↑ ⊤ Ψ ♂ Ψ ↑ ♀ → ♀ ♂ Ψ ♀ ↘ ♂ → ♥ Ψ ♢ ⊤ ⊤ ♀ ♢ ♢ ↘ ♥ → ↘ ♂ ♥ ❋ ↘ ⌂ ↘ ❋ ↘ ↑ ♂ ↑ ⌂ ↘ ↗ → ♥ ♂ ♂ ♂ ❋ ♥ ♂ ♥ ♂ ↘ ♥ ↘ ↗ ♂ ↘ ♂ ↘ ⌂ ♥ ↑ ↑ ♥ ❋ ↑ → ❋ ♂ ♥ → ⌂ ↘ ♥ ♥ → ♥ ↘ ⌂ ♂ ⌂ ↗
♥ ♀ ⊤ ⊤ ⊥ ⊤ ♥ ↘ ⊥ ↑ → ↘ ♀ ⊥ Ψ ♥ ⊤ ♢ ♢ ⊥ Ψ Ψ ⊥ Ψ ♀ ♂ ↘ ↘ ♂ ♥ ↘ ♂ ♂ ♂ ↗ ♂ ♥ ↗ → ♂ ↑ ❋ ↑ ⌂ ♂ ❋ → ♂ ♂ ♂ ↘ ↘ ♂ ❋ ⌂ ♂ ⌂ ♂ ♂ ♂ ↑ → ❋ ❋ ♂ ↑ ♂ ♥ ↑ ↑ ❋ ⌂ ♂ ♥ ↗ ♂ ♂ ⌂ ❋ ↘ ↗ ↗ ↗ ⌂
↑ ⊥ Ψ ♀ ↘ ♥ ⊥ ♢ ↘ Ψ ↑ ↑ ⊤ ♂ ↘ ⊥ ⊥ ♥ Ψ ♀ ⊤ ⊤ → Ψ ⊥ ↑ ↘ ♥ → ♂ ↑ ❋ ↑ ♥ ♂ ♂ → ↗ ❋ ❋ → → → ❋ ↗ ♥ ♂ ⌂ → ❋ ♂ → → ↘ ⌂ ♥ ❋ ♂ ♥ ♂ ↗ ⌂ ❋ ♥ ↗ ↘ ↗ ⌂ ⌂ → ↗ ❋ ↘ ♥ ⌂ ⌂ ♂ ❋ ↘ ↗ ❋ ↗ ↑ ❋
Ψ ♀ ⊥ Ψ ↑ ↘ ♂ ↘ ♢ ↘ Ψ Ψ ↑ ⊤ ♀ Ψ ♂ ↘ ♥ ↘ ♀ ⊥ ♀ ♢ Ψ ♢ ♥ ⌂ ♥ ♂ ♂ ↑ ❋ ↗ ⌂ ⌂ → ♥ ↘ ❋ → ⌂ → ⌂ ♂ → ↑ ↑ ♂ ⌂ ⌂ → → ↗ ↘ ♥ ↗ ↗ ♂ ♥ ♂ ⌂ → ♂ ↗ → ♂ ♂ ♥ ⌂ ↗ ↘ ⌂ ⌂ ↘ ♂ ⌂ ♂ ↘ ♥ ❋ ⌂ ♥ ↑
♥ ♀ ♂ ↘ ♥ Ψ ⊤ → ⊤ ♢ ⊤ ♂ ♥ ♂ ♥ ↑ ♢ ♢ ♥ ♢ ♢ ♀ ⊥ ♀ ↘ ♥ ⌂ ♂ ♂ ↗ ♂ → ♥ → ❋ ↑ ❋ ♂ ⌂ ♂ → ↗ ⌂ ♂ ♂ ⌂ ♥ ❋ → ♂ ♂ ♥ ♂ ↗ ⌂ ⌂ ♂ ↘ → ↑ ⌂ ⌂ ♂ ↘ ♂ ❋ ↘ ↗ → ↑ ♥ ↘ ↗ ❋ ♂ ❋ ⌂ ❋ ♥ ⌂ ♂ ↑ ♂ →
⊥ ↑ ♀ ♢ ⊤ ♀ ♀ ♀ ♥ ♂ ♥ ♥ ♥ ⊥ ↘ ⊥ ♢ Ψ Ψ ↑ → ♥ → → ↘ ⌂ ⌂ → ↘ ♂ ♂ ↘ ↘ ↘ → ♥ ↗ ♥ ⌂ ↑ ♥ ♂ ❋ ♂ ♂ ↗ → ⌂ ⌂ ♂ ❋ ↗ ↘ ♥ ↑ ↑ ↗ ↑ ♥ ↗ ♂ ⌂ ♂ ♥ ↗ ❋ ❋ ↗ → ♂ ↑ ♥ ↑ ♥ ♂ ♥ ↘ → ↑ → ♂ ♂ ↗ ↗
↘ ♀ ⊥ Ψ ♢ ♥ Ψ ♢ → ♀ → ⊥ ♢ ↑ ↑ → ♀ → ♥ ♀ ⊥ Ψ → ↘ ❋ ♂ → → ↘ ⌂ → ↗ ♂ ↑ ⌂ ↑ ↗ ❋ ❋ ♂ ⌂ ♥ ♂ ↗ ↘ ♥ ❋ ↗ ↘ ⌂ ↑ ↑ ♂ ♂ ↗ → ⌂ ♂ ♂ → ♥ ♂ ↗ ♥ ↘ ♥ ♂ ⌂ ♂ ♂ ♂ ♂ ↗ ↗ ♂ ♥ ↑ ♥ ↑ ↑ ↑ ♂ ↗ ⌂
↘ ⊥ ↑ ⊤ → Ψ ⊤ → ⊥ ♀ ♀ ♀ ⊤ ↘ ⊥ ♂ ↑ ⊥ ♀ ♂ Ψ ♂ ♢ ↑ ↘ ⌂ ↘ ♂ ↗ ↘ ♥ ↑ ↑ ♂ ↗ ♂ ♥ ♂ ❋ ↘ ↑ ↗ ↗ ♥ → ♂ ↑ ❋ ♥ ♂ ↘ ↘ ↑ ↑ → ↘ ❋ ↘ ↘ ⌂ ♂ ⌂ ⌂ ❋ ↗ ⌂ ♂ ♥ ↗ ↘ ♥ ❋ ♂ ♂ ↘ ♂ ♂ ↘ ❋ ⌂ ↑ ♂ ❋ ♂
♥ ⊤ ⊥ ↑ ♂ ⊤ Ψ ⊥ ⊤ Ψ ♢ → ♂ ⊥ ♢ ⊤ ♂ ♥ ↘ Ψ ↘ ♂ ↑ ↘ ↗ ⌂ ↘ → ❋ ♥ ↗ ↘ ♥ ♂ ↑ ♂ ♂ ♂ ♂ ♂ ♥ ↑ → ♂ ♂ ↘ ♥ ♥ ♂ ❋ ♥ ♂ → ♥ ♥ ↘ → → → ♂ ↗ ♂ → ❋ ♥ ↘ ♥ ↘ ♥ ♂ ❋ ↑ ↘ ♂ ⌂ ⌂ → ❋ ↗ ❋ ♥ ↗ → ❋
⊥ ♢ ⊥ Ψ ↘ ♥ ↘ Ψ ♀ ♥ ⊥ ♥ ♀ → ↑ ⊥ ↑ ⊤ ↑ → ♂ ♂ ♂ ♂ → ♂ ⌂ ❋ → ♥ ⌂ → ↘ ↑ ♂ ↑ → ❋ ↑ ↑ ❋ → ♥ ♂ → ♂ ↘ ↘ ♥ ↗ ♂ ♂ ♂ ↑ ♂ ⌂ → ❋ ♂ ♥ ♂ → ♂ ♥ ♂ ↘ ⌂ ❋ ↑ ❋ ❋ ⌂ ↑ ↗ ♥ ♥ ↘ ↘ ↗ ↘ ♂ ♥ ❋ ❋
↑ ↘ ♂ ↘ Ψ ↑ → Ψ ♥ Ψ ↘ ⊥ → ↑ ⊤ ♂ ⊤ ♀ ♢ ⊤ ⊤ ↑ ↘ ❋ ❋ ↑ ↗ ↑ ⌂ ❋ ↗ ↘ → ⌂ ↗ ❋ ♂ ↘ ❋ ♥ ♂ → ♂ ↗ ↗ ❋ ⌂ ♂ ↗ ↗ ⌂ ⌂ ↘ ↘ ⌂ ⌂ ♥ ↑ ♂ ⌂ ↗ ⌂ → ♂ ⌂ ♥ ↘ ↘ ↑ ❋ ♂ ❋ ♂ ♂ ♂ ❋ → ↑ ♥ ♥ ↘ ♂ ♂ ❋
♢ ⊤ → ↑ ♢ ♀ ♥ ♀ ↘ → ↘ ↘ Ψ ⊤ ↘ ♥ ⊤ ⊥ ♂ → ↑ ♥ ❋ ♂ ⌂ ♥ ❋ ↗ ♂ ↑ ↑ ♂ ♂ ↗ ♂ ♂ ↘ ↗ ↑ ↗ ↗ → ❋ → ⌂ ↗ ↗ ❋ ♂ ↑ → ❋ ⌂ ❋ ↗ ♂ → → → ↑ ⌂ ↑ ⌂ ♥ → ↗ ❋ ❋ → ↘ ↑ ♂ ↗ ↑ ↑ ♂ ❋ ↑ ↗ ⌂ ↑ ↘ ♥ ↘
Ψ ♢ Ψ ♢ Ψ Ψ ♢ ♂ ♢ ♂ ♂ Ψ ♥ → ⊥ ↘ ♥ ↘ ♀ ↘ → ↗ ↑ ♂ ♂ ♂ ♂ ↘ ♥ ♥ → ↘ ❋ ↘ ⌂ ⌂ ♂ ♥ ♥ ♂ ♂ ⌂ ♂ ↗ ↘ ↗ → → ⌂ ↘ ↗ ⌂ ♂ ❋ ♥ ↑ ↗ ♥ ↗ → ⌂ ↘ ↑ ↗ ♂ ↑ ↘ → ⌂ ♂ → ♥ ❋ ↑ ♂ ↗ ♂ ↗ → ⌂ ⌂ ♥ ♂ ⌂
↘ Ψ ↑ → ↑ ⊤ ♢ ♢ ♥ → ♥ ↑ Ψ ♥ ↘ Ψ Ψ ↘ ↘ ♂ ♥ ♂ ♂ ↑ ↗ ↘ ↗ ♂ ↗ ♂ ↘ ↑ ❋ ❋ ⌂ ❋ ↑ ⌂ ↗ ⌂ ↗ ❋ ↑ → ↑ ♂ → ↑ ♂ ⌂ ↘ ↗ ↑ → ♥ ❋ ↑ → → ⌂ ♂ → ♂ ⌂ ↘ → → ❋ ❋ ♂ → ⌂ ♥ ↑ ↑ ↘ ↗ ♂ ↗ ❋ ↗ ↘ ⌂ ↗
♂ Ψ ♥ Ψ → ♀ ♂ ⊥ → → ♢ ⊤ ↑ ♂ → ⊤ ↘ ↑ ♂ ❋ ↘ ❋ ↘ ♂ ❋ ⌂ ↑ ♥ ↗ → ↘ → ↑ ♂ ↗ ❋ ↘ ♂ ♂ ↑ ❋ ↑ → ♥ ♂ ↗ → ↘ ↑ ↗ ♥ ♂ ♂ ♥ ↘ ♂ ❋ ♂ ♂ ♂ ↘ ⌂ ♂ ↑ ↑ ♂ ♂ → ↘ ↗ ↑ ♂ ↘ ♥ ↘ ♂ ⌂ ❋ ↘ → ♥ ↗ → ↗
↘ ⊤ → ↑ ⊥ ⊤ ↘ ↘ ♢ ⊥ ⊤ ♀ ↑ ♢ ♥ ♢ ↘ ♂ ♂ ⌂ ♂ → ❋ ♂ ♥ ❋ → ↑ ↑ ↑ ♥ ❋ → ↘ ♂ ↑ ❋ ↘ ↑ ❋ ❋ ↑ ♂ ↗ ♥ ❋ ♂ ⌂ ↘ ↑ ↗ ↘ ↘ ♂ → ♂ ♥ ↗ ↑ ↑ ♥ ↑ ↘ ⌂ ♂ → → ⌂ ♥ → ♂ ❋ → ♂ ⌂ ↑ ♂ ♂ ↗ ♥ ❋ → ⌂ ♥
↑ ♢ ⊤ ♥ ♀ ♂ ⊥ ⊤ ♂ ♂ ♥ → ⊥ ♂ ↑ ♥ ↘ ❋ ⌂ ⌂ → ↘ ↘ ↑ ↘ ↘ ↘ → ♥ ↗ ↘ ↗ ♂ ↑ ♥ ♥ ♂ ♥ ↑ ↘ ↘ ❋ ♥ ♥ ♥ → ♂ → ♂ ⌂ ♥ ↑ ❋ ♂ ⌂ ♥ ♂ ↑ ↗ ♂ ↗ ♂ ♥ ⌂ ❋ ↘ → ♂ ♂ ⌂ ↘ ❋ ↗ ♥ ↑ ↑ ♥ ⌂ ↗ ↗ ♂ ⌂ ↘ ❋
⊥ ♢ ⊤ → ♀ ↘ ⊤ ♢ ↘ ↘ ♂ → Ψ ↑ ↘ → ⌂ ♂ ↗ → ❋ ♂ ↑ ♂ → ♥ ♥ ❋ ↗ ❋ ↑ ♂ ↑ ⌂ ♂ ♥ → ↑ ↗ ♂ ♥ ↘ ♥ → → ❋ ⌂ ⌂ ↗ ♂ → ↗ ❋ ❋ ↑ ↗ → ❋ ♥ ❋ ♂ ♥ ♂ ⌂ ↑ ♂ → → ♥ ⌂ ↘ ↑ ♥ ♂ → ↗ ♂ ♂ ❋ → ♥ ♂ → ⌂
→ ♥ ⊥ ♥ ↘ ♂ Ψ ♂ ♥ ♢ ♀ ♂ ↘ ↑ ↘ ⌂ ↑ ↑ ❋ ↑ ♂ ↗ ⌂ ♂ ↑ → ↗ ♂ ♥ ↘ ↑ ↗ → ❋ ❋ ♂ ↑ ↑ ⌂ ↑ → ❋ ↘ ↘ ↑ → ♂ ❋ → ♂ ♂ ⌂ ♂ ♂ ↑ ↘ ♂ ⌂ ⌂ ↗ ❋ ♥ ♂ ↗ → ↑ ♂ ♂ ♂ ↗ ⌂ ♂ ⌂ ♂ ♂ → ↘ ♂ → ❋ ↗ ❋ ♂ ↗
♂ ♀ ♢ ↑ ⊥ Ψ ♢ ⊥ ♀ ♂ ⊤ ↘ ♥ ⌂ → ❋ ♥ ↗ ⌂ ♂ ♥ ♥ ❋ ⌂ ↗ ❋ ⌂ ❋ ↗ ♥ ♂ ↑ ❋ ⌂ ♂ ↗ ⌂ ↗ ❋ ♂ ↗ ♂ ↘ ↗ ❋ ↑ ↘ ♂ ↗ → ↑ ♂ ⌂ ♂ ↘ ♥ ⌂ ♥ ♂ ♂ ↗ → ♂ ♂ ↗ ↑ ⌂ ♥ ↗ ⌂ ♂ ↑ → ⌂ → → ↘ → ↗ ♥ ♂ ♂ ♂ ⌂
♥ ⊤ ↑ → ↘ ⊤ ⊤ Ψ → ♢ ♥ Ψ ↘ ↗ ↘ → ⌂ ❋ ♂ ↘ ♂ ♥ ↑ ↑ ♂ ♂ ♂ ❋ → ↑ ♥ → ♂ ♂ ♥ ⌂ ❋ ♂ ⌂ ♥ ❋ ♥ ↘ ↑ ♥ ♂ ❋ ⌂ ♥ ♂ ⌂ ↗ ❋ ↘ ↑ ⌂ ↘ ↗ ♂ ♂ ♂ ⌂ ↗ ↑ → ⌂ ❋ ↗ ↘ ↑ ❋ ♂ ♂ ↑ ♂ ♂ ♥ → ⌂ ⌂ ♥ ❋ ↘ ⌂
↑ ♥ ♥ ⊤ ♂ ↘ ↑ ♀ → → ↑ ⌂ ↗ ↑ ↗ ↑ ↘ ⌂ ↗ ↘ ↘ → ↘ ⌂ ⌂ ↘ ❋ ↑ ♥ ♂ ♂ ↑ ↗ ↗ ❋ ❋ ⌂ ⌂ ↗ ❋ ❋ ❋ ❋ ⌂ ↘ ♥ → ↘ → ↘ ♂ ⌂ ↗ ♂ ♂ ↗ ↑ ❋ ↗ ↑ ♥ ⌂ ♂ ⌂ ♂ ↗ ↑ ♂ ↗ ⌂ ⌂ ❋ ⌂ ↗ → ↑ ♥ ♥ ♂ ↗ ❋ ♥ ↗ ↑
→ ⊤ ↑ ♥ Ψ ⊤ ⊤ → Ψ ♀ ↑ ⌂ ♥ ♂ ♂ ❋ ❋ ↑ ↗ ↑ ↑ ♥ ↑ ↘ ❋ ♂ ♥ ↘ ♥ ♂ ↘ ↘ ↑ ♂ ♂ ↗ ↗ ↑ ⌂ ↑ ↘ ↗ ♂ → ♥ ↗ → ↗ ♥ ♂ ⌂ ♥ ↑ ⌂ ♂ ♂ ↘ → ♥ ♂ ↗ ⌂ ♂ ♥ ↑ ⌂ ⌂ ♂ ↗ ↑ ⌂ ❋ ♥ ↗ ♂ ♥ ↑ ♂ ❋ ↑ ⌂ ⌂ ↘ ♂
♥ ↑ ⊤ ♀ ⊤ ⊤ ⊥ ♀ ⊥ Ψ ⌂ ❋ ♂ ↑ → ♥ ⌂ ❋ ♂ → ♂ ↑ ↘ ↘ ⌂ ⌂ ❋ ↘ ♥ ↑ ♂ ♂ ❋ ♂ ↗ ♂ ↘ ↘ ↑ ♥ ⌂ ↑ ♂ ↗ ♥ ↘ ♂ ❋ → ❋ ↘ → ↘ ↘ ↑ ♥ ♂ ↑ ❋ ↑ ♂ ♂ ❋ ♂ ♂ ♥ ↑ ⌂ ♂ ↗ ♥ ↑ ↗ ♂ ↑ ♥ ↗ ♂ ♂ ♂ ⌂ ❋ → ♂
25/32
